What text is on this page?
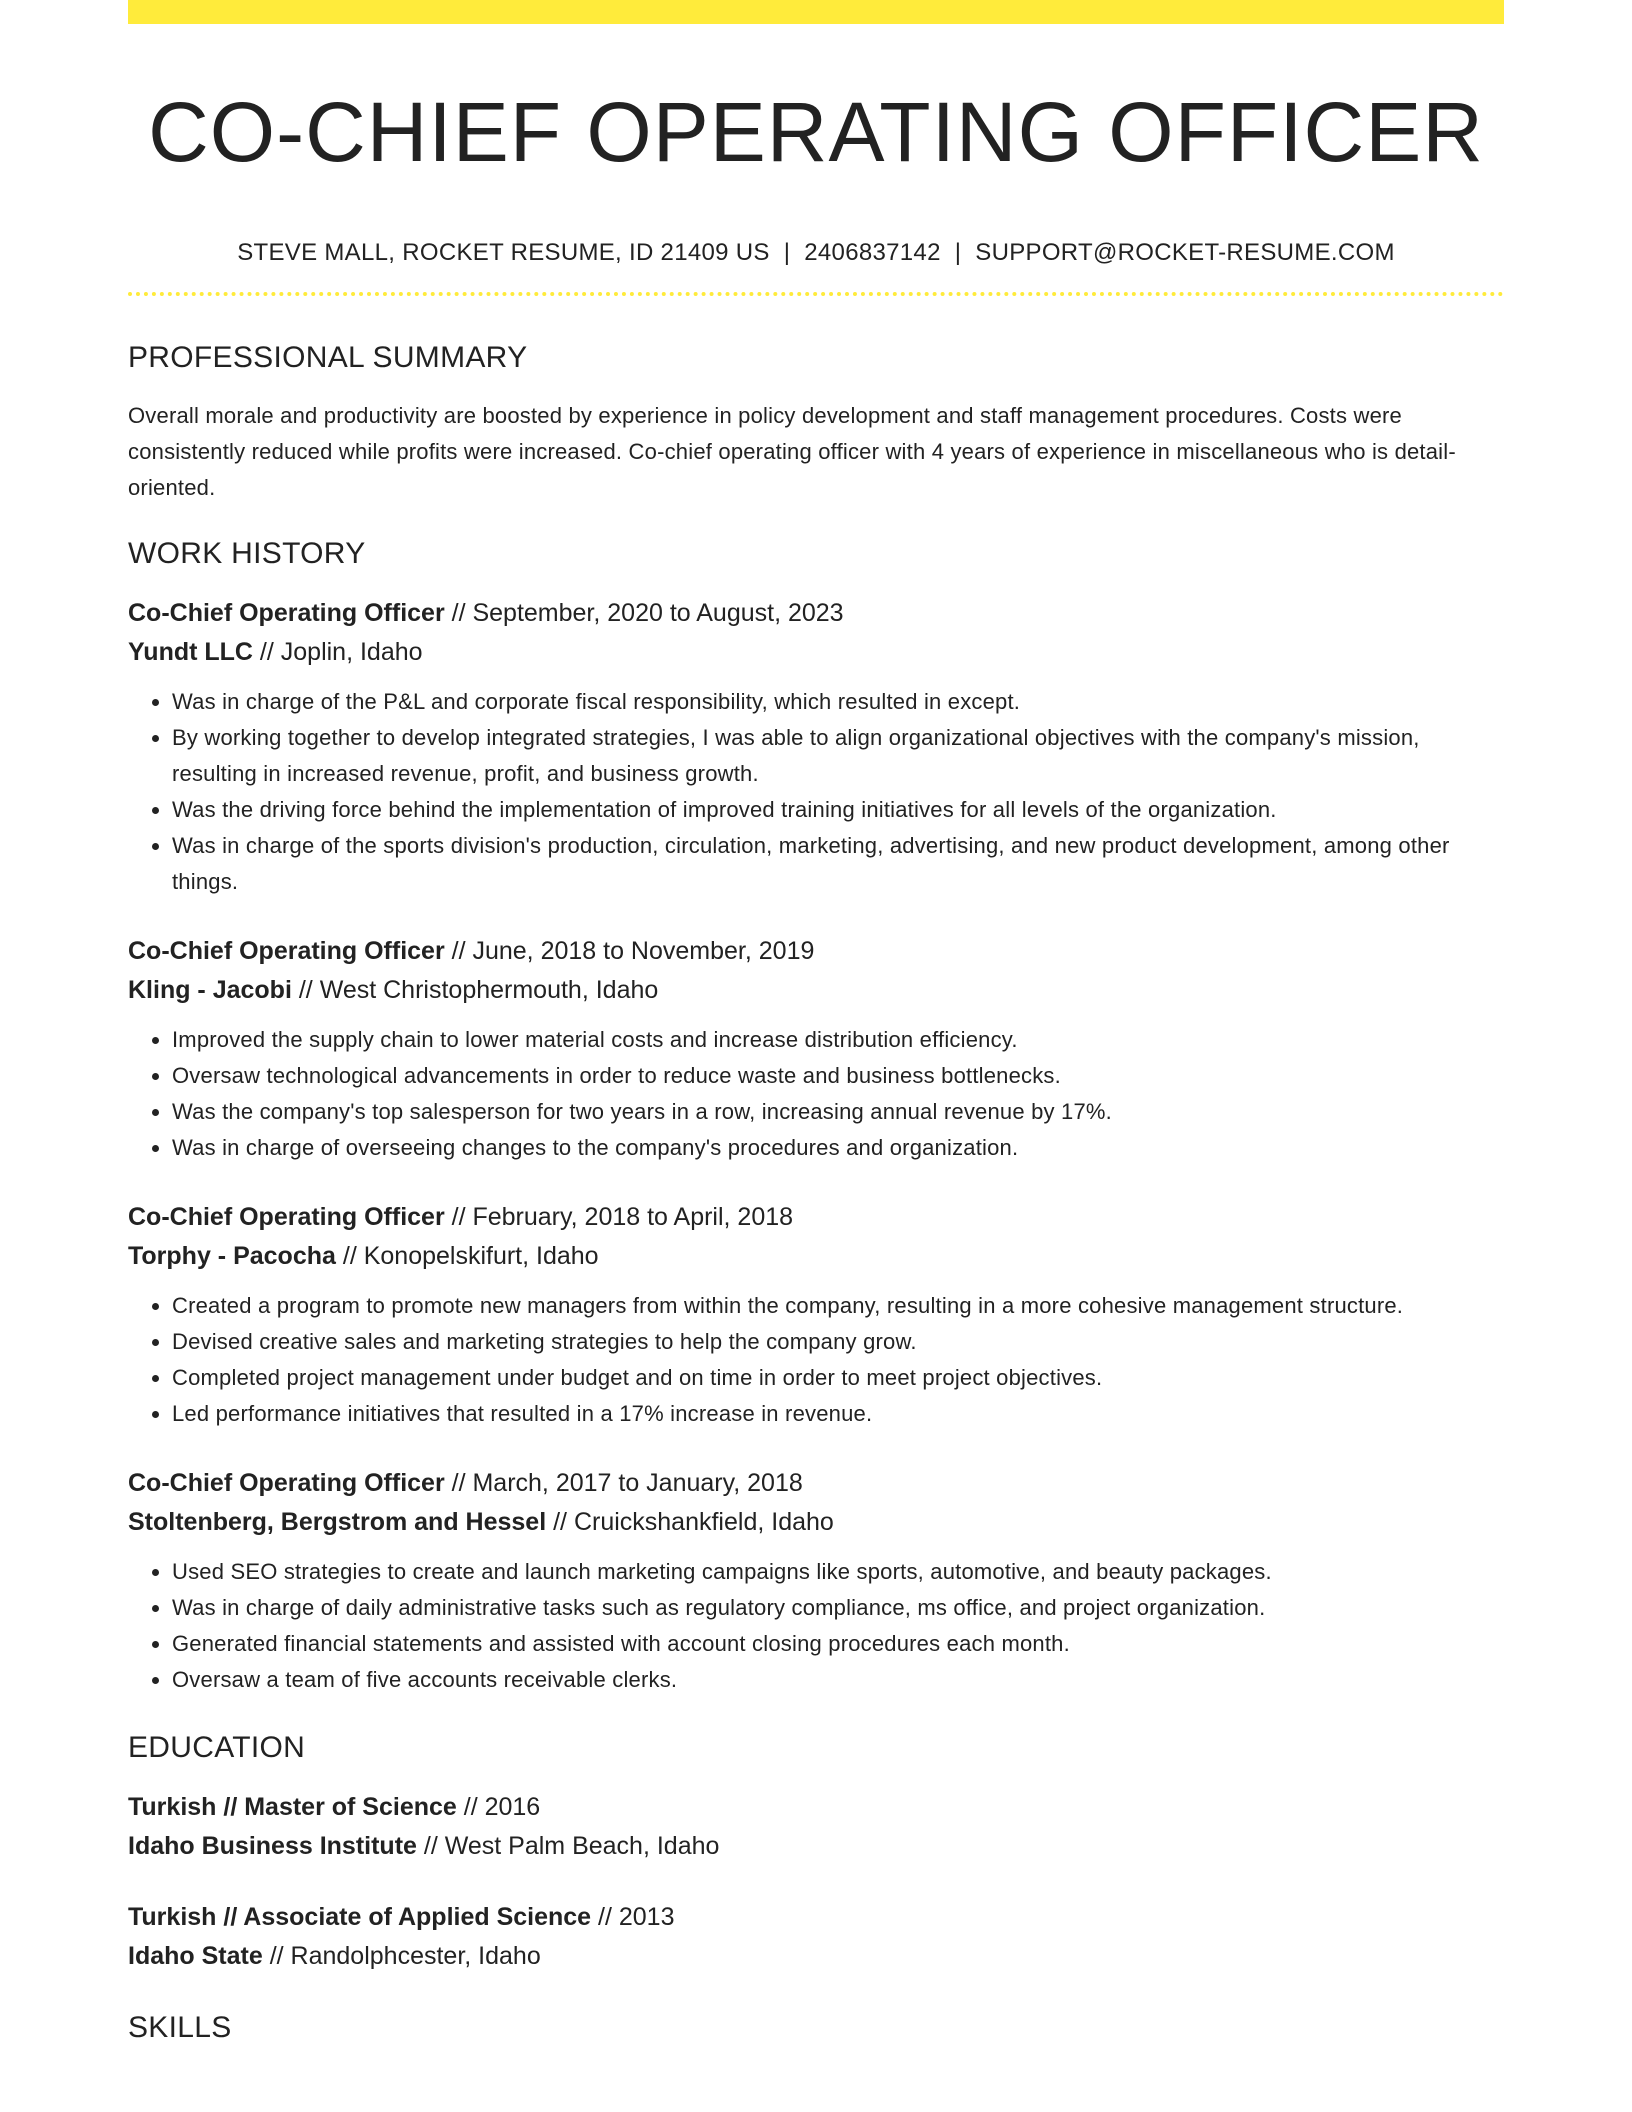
CO-CHIEF OPERATING OFFICER
STEVE MALL, ROCKET RESUME, ID 21409 US | 2406837142 | SUPPORT@ROCKET-RESUME.COM
PROFESSIONAL SUMMARY
Overall morale and productivity are boosted by experience in policy development and staff management procedures. Costs were consistently reduced while profits were increased. Co-chief operating officer with 4 years of experience in miscellaneous who is detail-oriented.
WORK HISTORY
Co-Chief Operating Officer // September, 2020 to August, 2023
Yundt LLC // Joplin, Idaho
• Was in charge of the P&L and corporate fiscal responsibility, which resulted in except.
• By working together to develop integrated strategies, I was able to align organizational objectives with the company's mission, resulting in increased revenue, profit, and business growth.
• Was the driving force behind the implementation of improved training initiatives for all levels of the organization.
• Was in charge of the sports division's production, circulation, marketing, advertising, and new product development, among other things.
Co-Chief Operating Officer // June, 2018 to November, 2019
Kling - Jacobi // West Christophermouth, Idaho
• Improved the supply chain to lower material costs and increase distribution efficiency.
• Oversaw technological advancements in order to reduce waste and business bottlenecks.
• Was the company's top salesperson for two years in a row, increasing annual revenue by 17%.
• Was in charge of overseeing changes to the company's procedures and organization.
Co-Chief Operating Officer // February, 2018 to April, 2018
Torphy - Pacocha // Konopelskifurt, Idaho
• Created a program to promote new managers from within the company, resulting in a more cohesive management structure.
• Devised creative sales and marketing strategies to help the company grow.
• Completed project management under budget and on time in order to meet project objectives.
• Led performance initiatives that resulted in a 17% increase in revenue.
Co-Chief Operating Officer // March, 2017 to January, 2018
Stoltenberg, Bergstrom and Hessel // Cruickshankfield, Idaho
• Used SEO strategies to create and launch marketing campaigns like sports, automotive, and beauty packages.
• Was in charge of daily administrative tasks such as regulatory compliance, ms office, and project organization.
• Generated financial statements and assisted with account closing procedures each month.
• Oversaw a team of five accounts receivable clerks.
EDUCATION
Turkish // Master of Science // 2016
Idaho Business Institute // West Palm Beach, Idaho
Turkish // Associate of Applied Science // 2013
Idaho State // Randolphcester, Idaho
SKILLS
